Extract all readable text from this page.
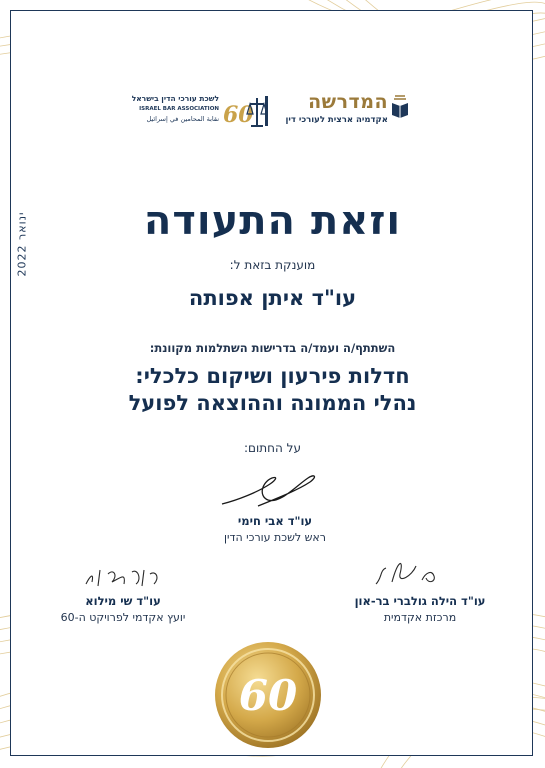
המדרשה
אקדמיה ארצית לעורכי דין
לשכת עורכי הדין בישראל
ISRAEL BAR ASSOCIATION
نقابة المحامين في إسرائيل 60
ינואר 2022	וזאת התעודה
מוענקת בזאת ל:
עו"ד איתן אפותה
השתתף/ה ועמד/ה בדרישות השתלמות מקוונת:
חדלות פירעון ושיקום כלכלי:
נהלי הממונה וההוצאה לפועל
על החתום:
עו"ד אבי חימי
ראש לשכת עורכי הדין
עו"ד שי מילוא
יועץ אקדמי לפרויקט ה-60
עו"ד הילה גולברי בר-און
מרכזת אקדמית
60
